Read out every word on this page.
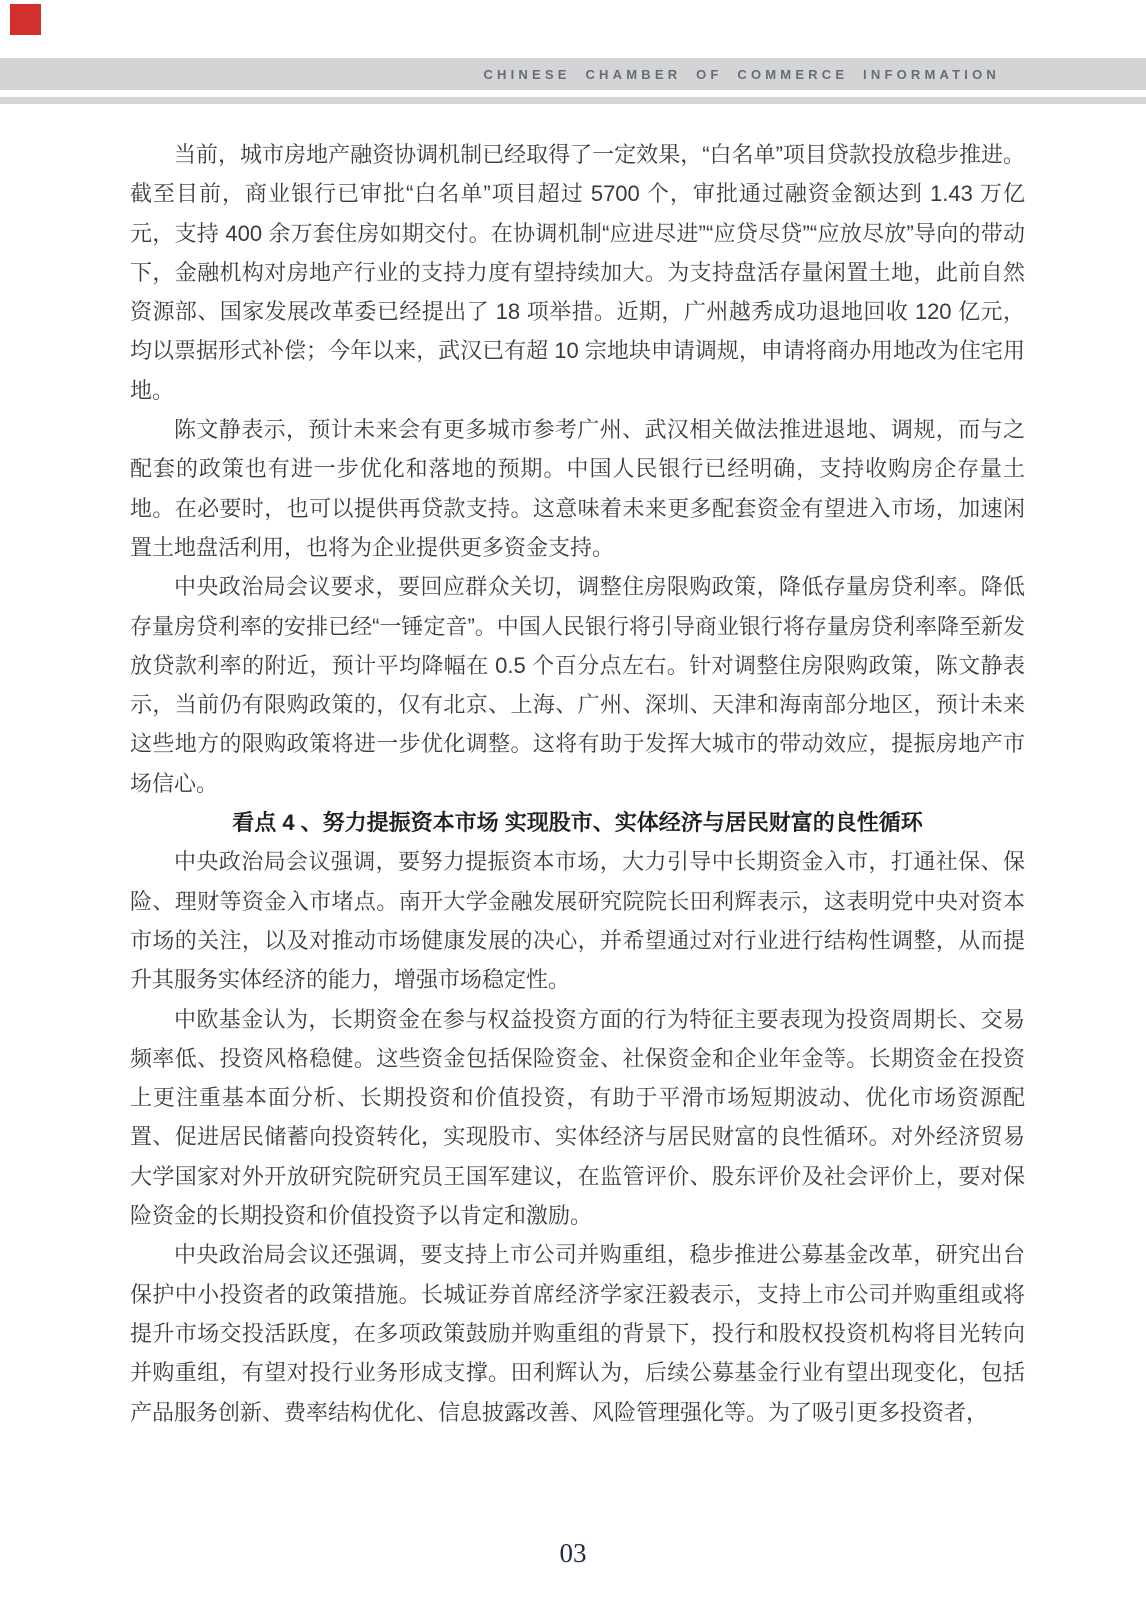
CHINESE CHAMBER OF COMMERCE INFORMATION

当前，城市房地产融资协调机制已经取得了一定效果，“白名单”项目贷款投放稳步推进。截至目前，商业银行已审批“白名单”项目超过 5700 个，审批通过融资金额达到 1.43 万亿元，支持 400 余万套住房如期交付。在协调机制“应进尽进”“应贷尽贷”“应放尽放”导向的带动下，金融机构对房地产行业的支持力度有望持续加大。为支持盘活存量闲置土地，此前自然资源部、国家发展改革委已经提出了 18 项举措。近期，广州越秀成功退地回收 120 亿元，均以票据形式补偿；今年以来，武汉已有超 10 宗地块申请调规，申请将商办用地改为住宅用地。

陈文静表示，预计未来会有更多城市参考广州、武汉相关做法推进退地、调规，而与之配套的政策也有进一步优化和落地的预期。中国人民银行已经明确，支持收购房企存量土地。在必要时，也可以提供再贷款支持。这意味着未来更多配套资金有望进入市场，加速闲置土地盘活利用，也将为企业提供更多资金支持。

中央政治局会议要求，要回应群众关切，调整住房限购政策，降低存量房贷利率。降低存量房贷利率的安排已经“一锤定音”。中国人民银行将引导商业银行将存量房贷利率降至新发放贷款利率的附近，预计平均降幅在 0.5 个百分点左右。针对调整住房限购政策，陈文静表示，当前仍有限购政策的，仅有北京、上海、广州、深圳、天津和海南部分地区，预计未来这些地方的限购政策将进一步优化调整。这将有助于发挥大城市的带动效应，提振房地产市场信心。

看点 4 、努力提振资本市场 实现股市、实体经济与居民财富的良性循环

中央政治局会议强调，要努力提振资本市场，大力引导中长期资金入市，打通社保、保险、理财等资金入市堵点。南开大学金融发展研究院院长田利辉表示，这表明党中央对资本市场的关注，以及对推动市场健康发展的决心，并希望通过对行业进行结构性调整，从而提升其服务实体经济的能力，增强市场稳定性。

中欧基金认为，长期资金在参与权益投资方面的行为特征主要表现为投资周期长、交易频率低、投资风格稳健。这些资金包括保险资金、社保资金和企业年金等。长期资金在投资上更注重基本面分析、长期投资和价值投资，有助于平滑市场短期波动、优化市场资源配置、促进居民储蓄向投资转化，实现股市、实体经济与居民财富的良性循环。对外经济贸易大学国家对外开放研究院研究员王国军建议，在监管评价、股东评价及社会评价上，要对保险资金的长期投资和价值投资予以肯定和激励。

中央政治局会议还强调，要支持上市公司并购重组，稳步推进公募基金改革，研究出台保护中小投资者的政策措施。长城证券首席经济学家汪毅表示，支持上市公司并购重组或将提升市场交投活跃度，在多项政策鼓励并购重组的背景下，投行和股权投资机构将目光转向并购重组，有望对投行业务形成支撑。田利辉认为，后续公募基金行业有望出现变化，包括产品服务创新、费率结构优化、信息披露改善、风险管理强化等。为了吸引更多投资者，

03
